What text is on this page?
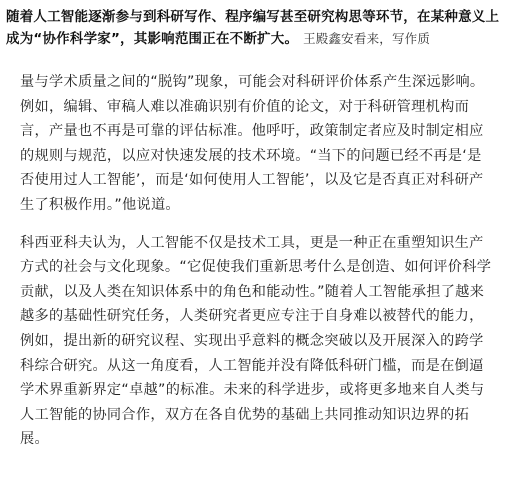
随着人工智能逐渐参与到科研写作、程序编写甚至研究构思等环节，在某种意义上成为“协作科学家”，其影响范围正在不断扩大。 王殿鑫安看来，写作质

量与学术质量之间的“脱钩”现象，可能会对科研评价体系产生深远影响。例如，编辑、审稿人难以准确识别有价值的论文，对于科研管理机构而言，产量也不再是可靠的评估标准。他呼吁，政策制定者应及时制定相应的规则与规范，以应对快速发展的技术环境。“当下的问题已经不再是‘是否使用过人工智能’，而是‘如何使用人工智能’，以及它是否真正对科研产生了积极作用。”他说道。

科西亚科夫认为，人工智能不仅是技术工具，更是一种正在重塑知识生产方式的社会与文化现象。“它促使我们重新思考什么是创造、如何评价科学贡献，以及人类在知识体系中的角色和能动性。”随着人工智能承担了越来越多的基础性研究任务，人类研究者更应专注于自身难以被替代的能力，例如，提出新的研究议程、实现出乎意料的概念突破以及开展深入的跨学科综合研究。从这一角度看，人工智能并没有降低科研门槛，而是在倒逼学术界重新界定“卓越”的标准。未来的科学进步，或将更多地来自人类与人工智能的协同合作，双方在各自优势的基础上共同推动知识边界的拓展。
